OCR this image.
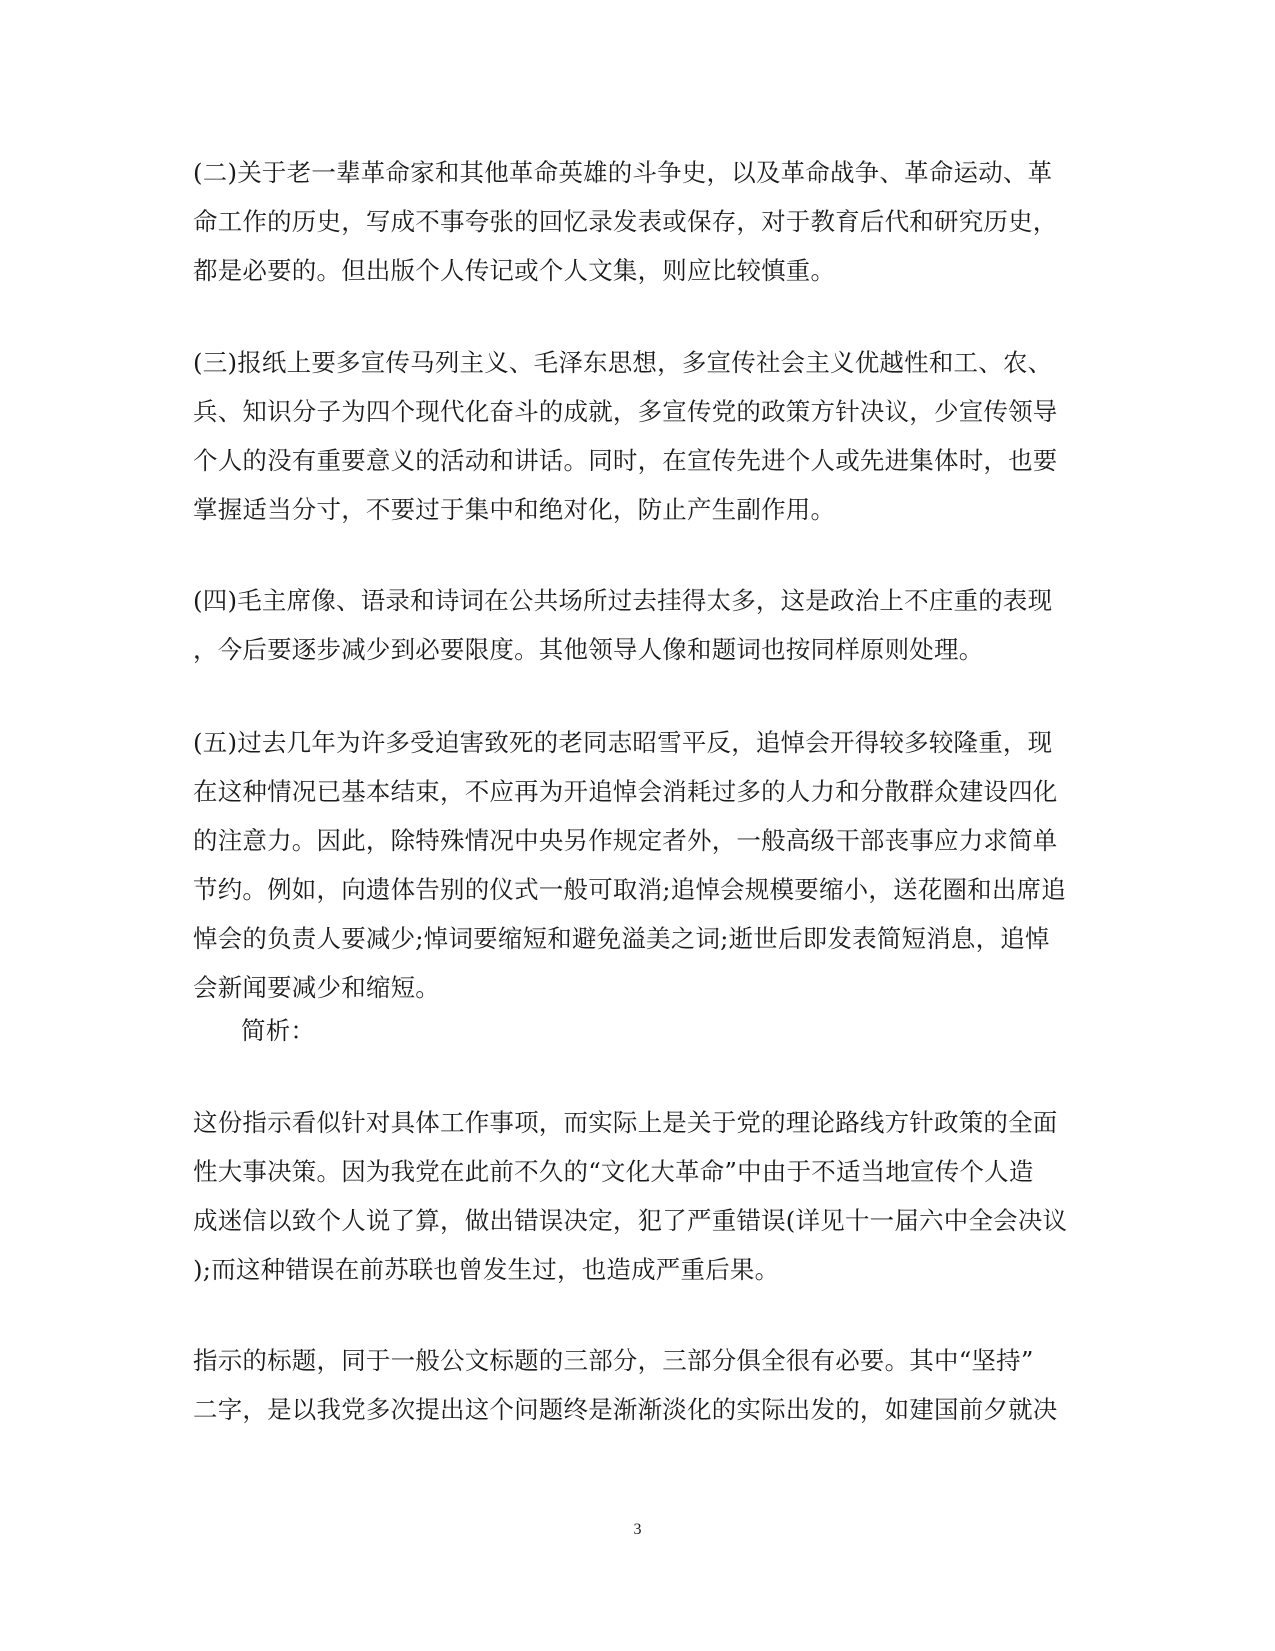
(二)关于老一辈革命家和其他革命英雄的斗争史，以及革命战争、革命运动、革
命工作的历史，写成不事夸张的回忆录发表或保存，对于教育后代和研究历史，
都是必要的。但出版个人传记或个人文集，则应比较慎重。
(三)报纸上要多宣传马列主义、毛泽东思想，多宣传社会主义优越性和工、农、
兵、知识分子为四个现代化奋斗的成就，多宣传党的政策方针决议，少宣传领导
个人的没有重要意义的活动和讲话。同时，在宣传先进个人或先进集体时，也要
掌握适当分寸，不要过于集中和绝对化，防止产生副作用。
(四)毛主席像、语录和诗词在公共场所过去挂得太多，这是政治上不庄重的表现
，今后要逐步减少到必要限度。其他领导人像和题词也按同样原则处理。
(五)过去几年为许多受迫害致死的老同志昭雪平反，追悼会开得较多较隆重，现
在这种情况已基本结束，不应再为开追悼会消耗过多的人力和分散群众建设四化
的注意力。因此，除特殊情况中央另作规定者外，一般高级干部丧事应力求简单
节约。例如，向遗体告别的仪式一般可取消;追悼会规模要缩小，送花圈和出席追
悼会的负责人要减少;悼词要缩短和避免溢美之词;逝世后即发表简短消息，追悼
会新闻要减少和缩短。
简析：
这份指示看似针对具体工作事项，而实际上是关于党的理论路线方针政策的全面
性大事决策。因为我党在此前不久的“文化大革命”中由于不适当地宣传个人造
成迷信以致个人说了算，做出错误决定，犯了严重错误(详见十一届六中全会决议
);而这种错误在前苏联也曾发生过，也造成严重后果。
指示的标题，同于一般公文标题的三部分，三部分俱全很有必要。其中“坚持”
二字，是以我党多次提出这个问题终是渐渐淡化的实际出发的，如建国前夕就决
3
